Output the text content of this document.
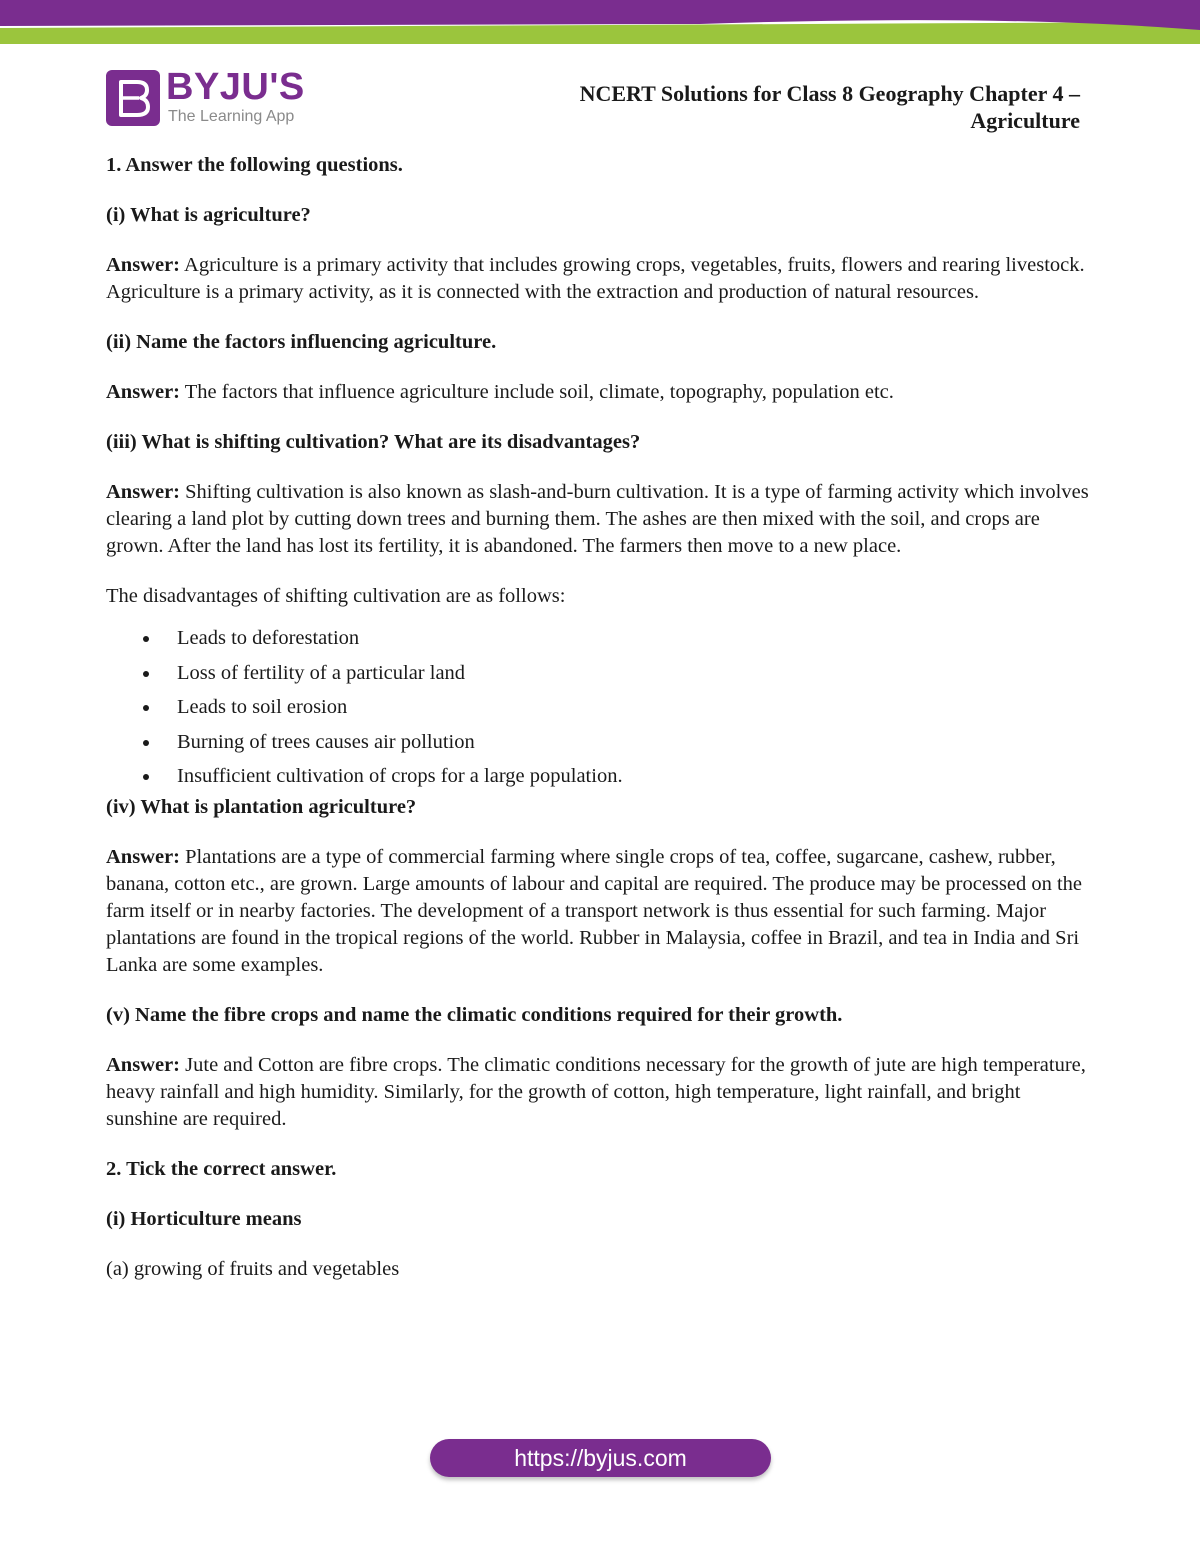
BYJU'S
The Learning App
NCERT Solutions for Class 8 Geography Chapter 4 –
Agriculture

1. Answer the following questions.

(i) What is agriculture?

Answer: Agriculture is a primary activity that includes growing crops, vegetables, fruits, flowers and rearing livestock. Agriculture is a primary activity, as it is connected with the extraction and production of natural resources.

(ii) Name the factors influencing agriculture.

Answer: The factors that influence agriculture include soil, climate, topography, population etc.

(iii) What is shifting cultivation? What are its disadvantages?

Answer: Shifting cultivation is also known as slash-and-burn cultivation. It is a type of farming activity which involves clearing a land plot by cutting down trees and burning them. The ashes are then mixed with the soil, and crops are grown. After the land has lost its fertility, it is abandoned. The farmers then move to a new place.

The disadvantages of shifting cultivation are as follows:

Leads to deforestation
Loss of fertility of a particular land
Leads to soil erosion
Burning of trees causes air pollution
Insufficient cultivation of crops for a large population.

(iv) What is plantation agriculture?

Answer: Plantations are a type of commercial farming where single crops of tea, coffee, sugarcane, cashew, rubber, banana, cotton etc., are grown. Large amounts of labour and capital are required. The produce may be processed on the farm itself or in nearby factories. The development of a transport network is thus essential for such farming. Major plantations are found in the tropical regions of the world. Rubber in Malaysia, coffee in Brazil, and tea in India and Sri Lanka are some examples.

(v) Name the fibre crops and name the climatic conditions required for their growth.

Answer: Jute and Cotton are fibre crops. The climatic conditions necessary for the growth of jute are high temperature, heavy rainfall and high humidity. Similarly, for the growth of cotton, high temperature, light rainfall, and bright sunshine are required.

2. Tick the correct answer.

(i) Horticulture means

(a) growing of fruits and vegetables

https://byjus.com
